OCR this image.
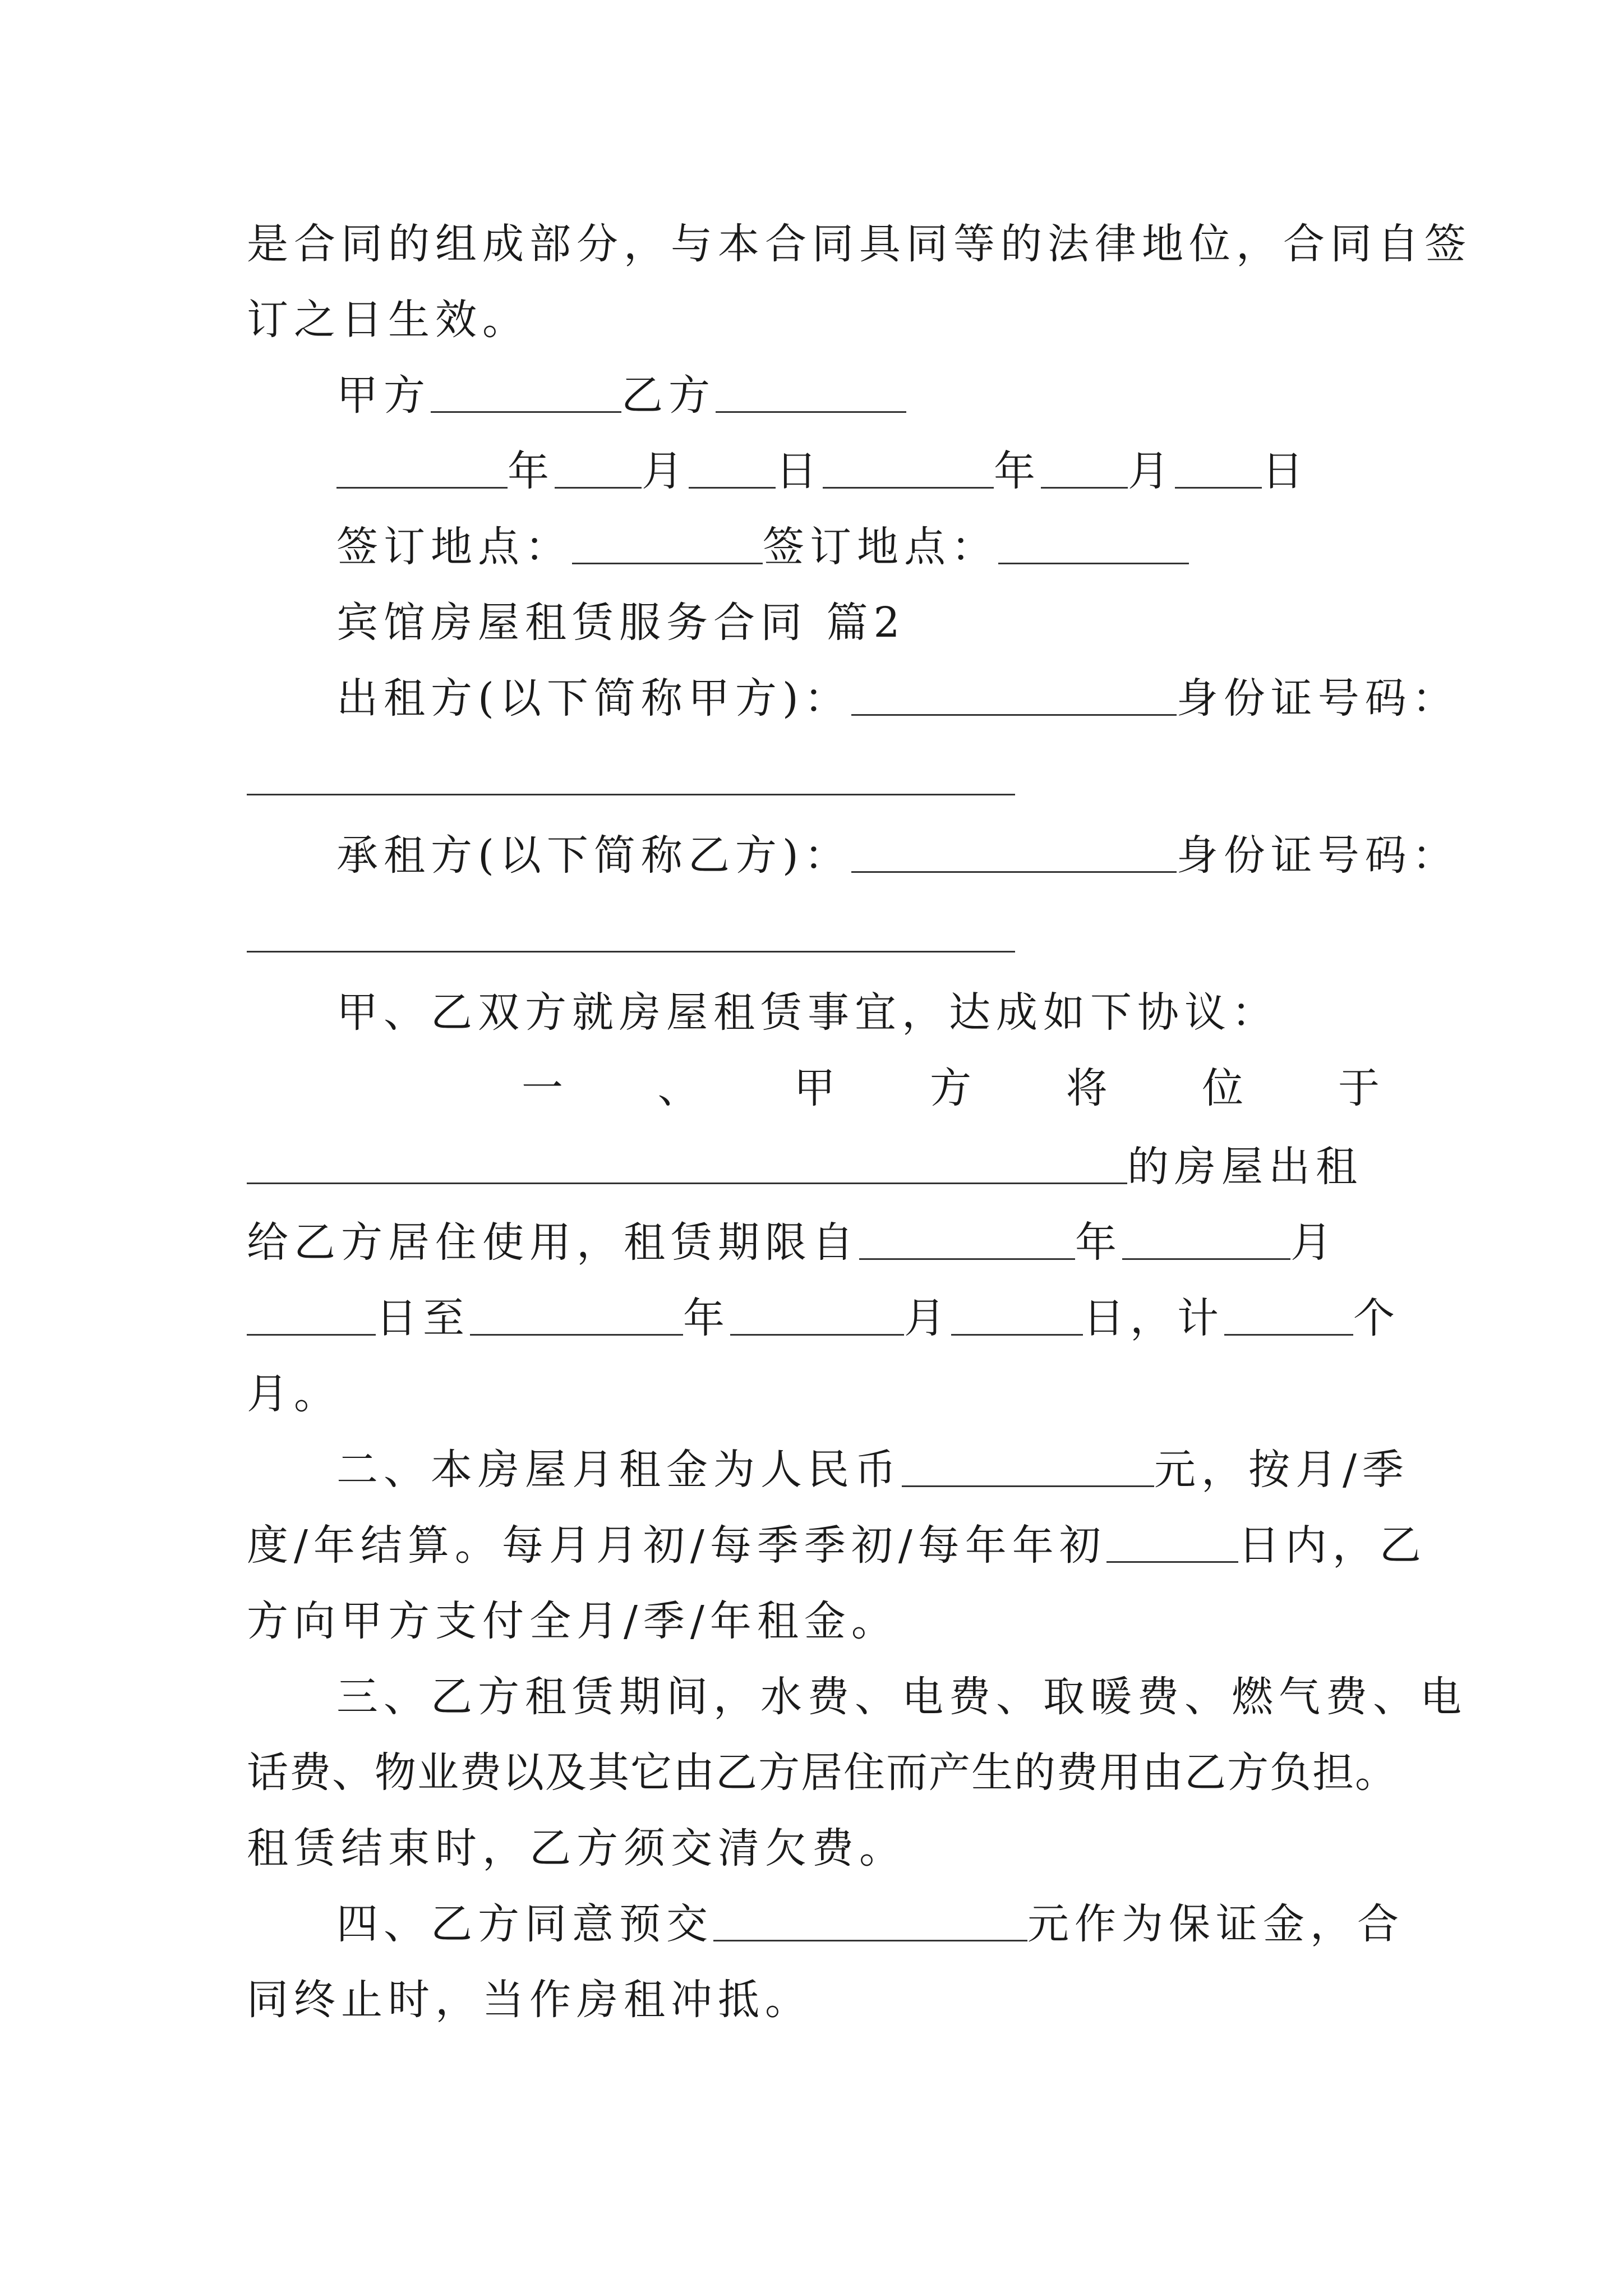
是合同的组成部分，与本合同具同等的法律地位，合同自签
订之日生效。
甲方	乙方
年 月 日	年 月 日
签订地点：	签订地点：
宾馆房屋租赁服务合同 篇2
出租方(以下简称甲方)：	身份证号码：
承租方(以下简称乙方)：	身份证号码：
甲、乙双方就房屋租赁事宜，达成如下协议：
一 、 甲 方 将 位 于
的房屋出租
给乙方居住使用，租赁期限自	年	月
日至	年	月	日，计	个
月。
二、本房屋月租金为人民币	元，按月/季
度/年结算。每月月初/每季季初/每年年初	日内，乙
方向甲方支付全月/季/年租金。
三、乙方租赁期间，水费、电费、取暖费、燃气费、电
话费、物业费以及其它由乙方居住而产生的费用由乙方负担。
租赁结束时，乙方须交清欠费。
四、乙方同意预交	元作为保证金，合
同终止时，当作房租冲抵。
